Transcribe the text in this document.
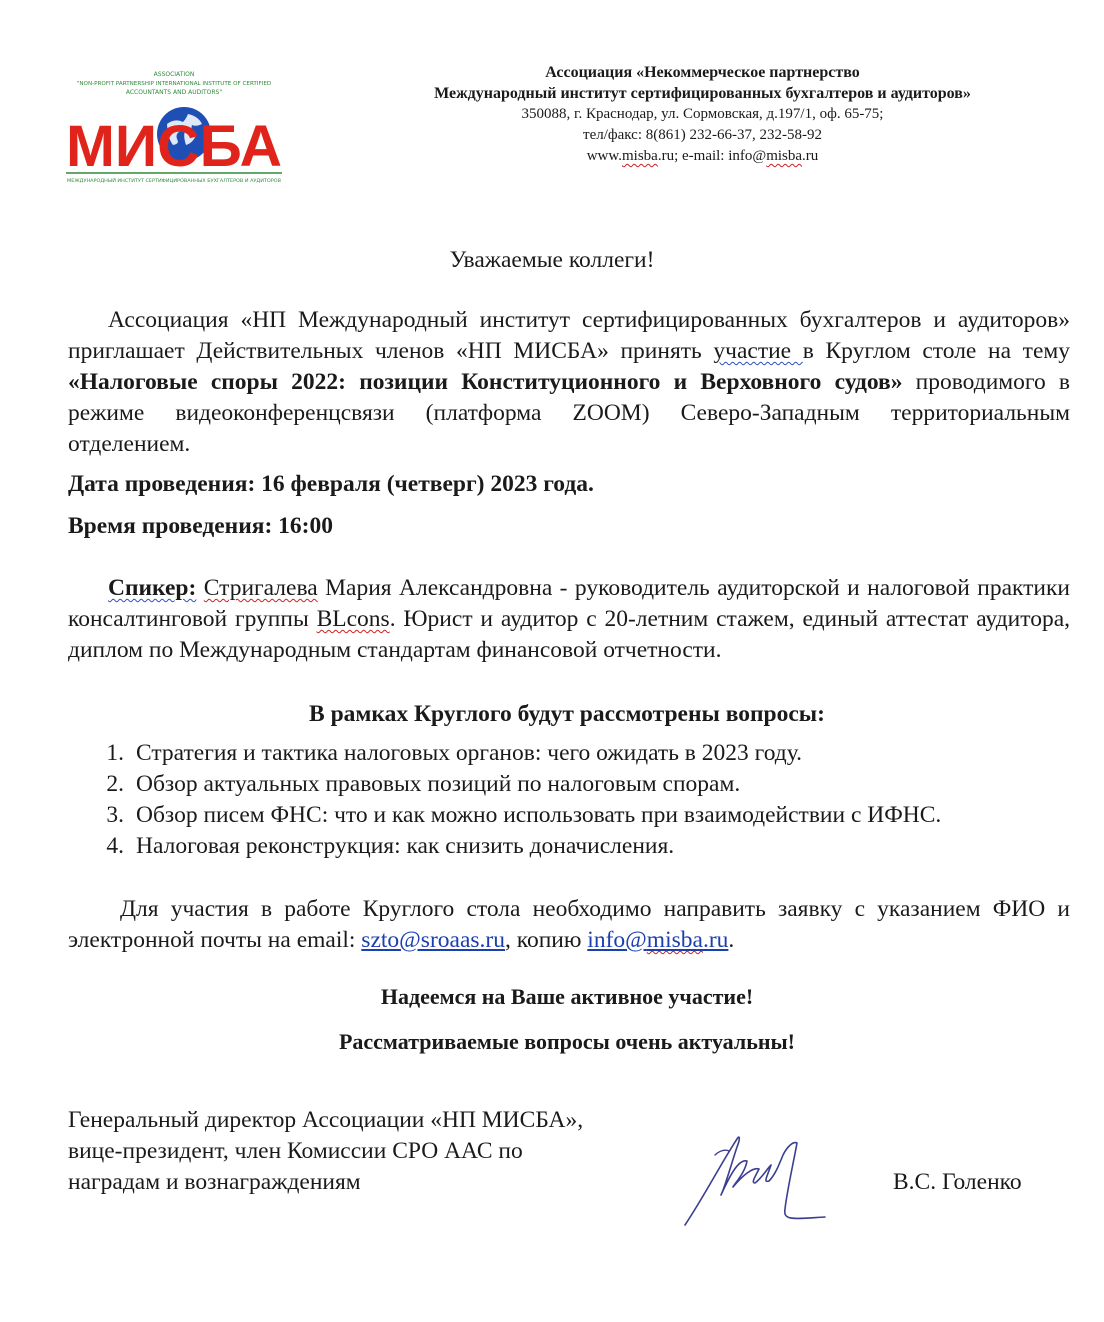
ASSOCIATION
"NON-PROFIT PARTNERSHIP INTERNATIONAL INSTITUTE OF CERTIFIED
ACCOUNTANTS AND AUDITORS"
МИСБА
МЕЖДУНАРОДНЫЙ ИНСТИТУТ СЕРТИФИЦИРОВАННЫХ БУХГАЛТЕРОВ И АУДИТОРОВ
Ассоциация «Некоммерческое партнерство
Международный институт сертифицированных бухгалтеров и аудиторов»
350088, г. Краснодар, ул. Сормовская, д.197/1, оф. 65-75;
тел/факс: 8(861) 232-66-37, 232-58-92
www.misba.ru; e-mail: info@misba.ru
Уважаемые коллеги!
Ассоциация «НП Международный институт сертифицированных бухгалтеров и аудиторов» приглашает Действительных членов «НП МИСБА» принять участие в Круглом столе на тему «Налоговые споры 2022: позиции Конституционного и Верховного судов» проводимого в режиме видеоконференцсвязи (платформа ZOOM) Северо-Западным территориальным отделением.
Дата проведения: 16 февраля (четверг) 2023 года.
Время проведения: 16:00
Спикер: Стригалева Мария Александровна - руководитель аудиторской и налоговой практики консалтинговой группы BLcons. Юрист и аудитор с 20-летним стажем, единый аттестат аудитора, диплом по Международным стандартам финансовой отчетности.
В рамках Круглого будут рассмотрены вопросы:
1. Стратегия и тактика налоговых органов: чего ожидать в 2023 году.
2. Обзор актуальных правовых позиций по налоговым спорам.
3. Обзор писем ФНС: что и как можно использовать при взаимодействии с ИФНС.
4. Налоговая реконструкция: как снизить доначисления.
Для участия в работе Круглого стола необходимо направить заявку с указанием ФИО и электронной почты на email: szto@sroaas.ru, копию info@misba.ru.
Надеемся на Ваше активное участие!
Рассматриваемые вопросы очень актуальны!
Генеральный директор Ассоциации «НП МИСБА»,
вице-президент, член Комиссии СРО ААС по
наградам и вознаграждениям	В.С. Голенко
